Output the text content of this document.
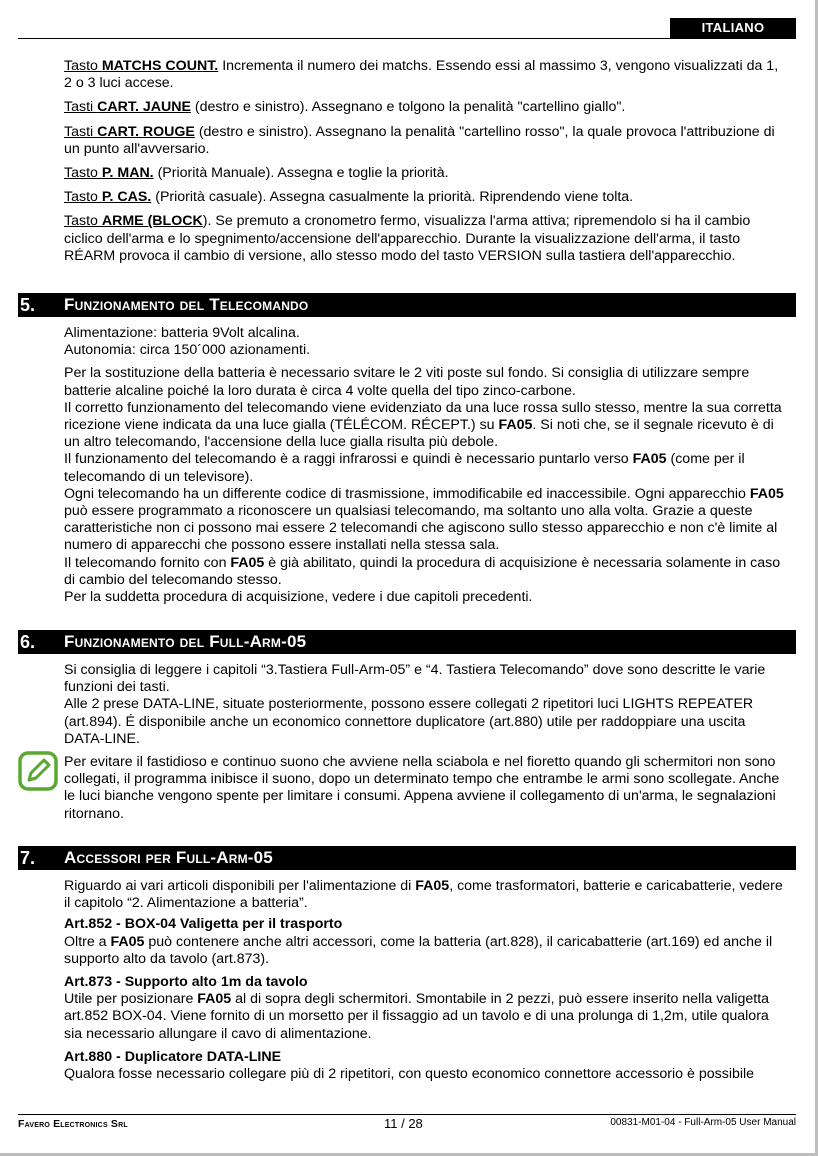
ITALIANO

Tasto MATCHS COUNT. Incrementa il numero dei matchs. Essendo essi al massimo 3, vengono visualizzati da 1, 2 o 3 luci accese.

Tasti CART. JAUNE (destro e sinistro). Assegnano e tolgono la penalità "cartellino giallo".

Tasti CART. ROUGE (destro e sinistro). Assegnano la penalità "cartellino rosso", la quale provoca l'attribuzione di un punto all'avversario.

Tasto P. MAN. (Priorità Manuale). Assegna e toglie la priorità.

Tasto P. CAS. (Priorità casuale). Assegna casualmente la priorità. Riprendendo viene tolta.

Tasto ARME (BLOCK). Se premuto a cronometro fermo, visualizza l'arma attiva; ripremendolo si ha il cambio ciclico dell'arma e lo spegnimento/accensione dell'apparecchio. Durante la visualizzazione dell'arma, il tasto RÉARM provoca il cambio di versione, allo stesso modo del tasto VERSION sulla tastiera dell'apparecchio.

5. Funzionamento del Telecomando

Alimentazione: batteria 9Volt alcalina.

Autonomia: circa 150´000 azionamenti.

Per la sostituzione della batteria è necessario svitare le 2 viti poste sul fondo. Si consiglia di utilizzare sempre batterie alcaline poiché la loro durata è circa 4 volte quella del tipo zinco-carbone.

Il corretto funzionamento del telecomando viene evidenziato da una luce rossa sullo stesso, mentre la sua corretta ricezione viene indicata da una luce gialla (TÉLÉCOM. RÉCEPT.) su FA05. Si noti che, se il segnale ricevuto è di un altro telecomando, l'accensione della luce gialla risulta più debole.

Il funzionamento del telecomando è a raggi infrarossi e quindi è necessario puntarlo verso FA05 (come per il telecomando di un televisore).

Ogni telecomando ha un differente codice di trasmissione, immodificabile ed inaccessibile. Ogni apparecchio FA05 può essere programmato a riconoscere un qualsiasi telecomando, ma soltanto uno alla volta. Grazie a queste caratteristiche non ci possono mai essere 2 telecomandi che agiscono sullo stesso apparecchio e non c'è limite al numero di apparecchi che possono essere installati nella stessa sala.

Il telecomando fornito con FA05 è già abilitato, quindi la procedura di acquisizione è necessaria solamente in caso di cambio del telecomando stesso.

Per la suddetta procedura di acquisizione, vedere i due capitoli precedenti.

6. Funzionamento del Full-Arm-05

Si consiglia di leggere i capitoli “3.Tastiera Full-Arm-05” e “4. Tastiera Telecomando” dove sono descritte le varie funzioni dei tasti.

Alle 2 prese DATA-LINE, situate posteriormente, possono essere collegati 2 ripetitori luci LIGHTS REPEATER (art.894). É disponibile anche un economico connettore duplicatore (art.880) utile per raddoppiare una uscita DATA-LINE.

Per evitare il fastidioso e continuo suono che avviene nella sciabola e nel fioretto quando gli schermitori non sono collegati, il programma inibisce il suono, dopo un determinato tempo che entrambe le armi sono scollegate. Anche le luci bianche vengono spente per limitare i consumi. Appena avviene il collegamento di un'arma, le segnalazioni ritornano.

7. Accessori per Full-Arm-05

Riguardo ai vari articoli disponibili per l'alimentazione di FA05, come trasformatori, batterie e caricabatterie, vedere il capitolo “2. Alimentazione a batteria”.

Art.852 - BOX-04 Valigetta per il trasporto

Oltre a FA05 può contenere anche altri accessori, come la batteria (art.828), il caricabatterie (art.169) ed anche il supporto alto da tavolo (art.873).

Art.873 - Supporto alto 1m da tavolo

Utile per posizionare FA05 al di sopra degli schermitori. Smontabile in 2 pezzi, può essere inserito nella valigetta art.852 BOX-04. Viene fornito di un morsetto per il fissaggio ad un tavolo e di una prolunga di 1,2m, utile qualora sia necessario allungare il cavo di alimentazione.

Art.880 - Duplicatore DATA-LINE

Qualora fosse necessario collegare più di 2 ripetitori, con questo economico connettore accessorio è possibile

Favero Electronics Srl	11 / 28	00831-M01-04 - Full-Arm-05 User Manual
